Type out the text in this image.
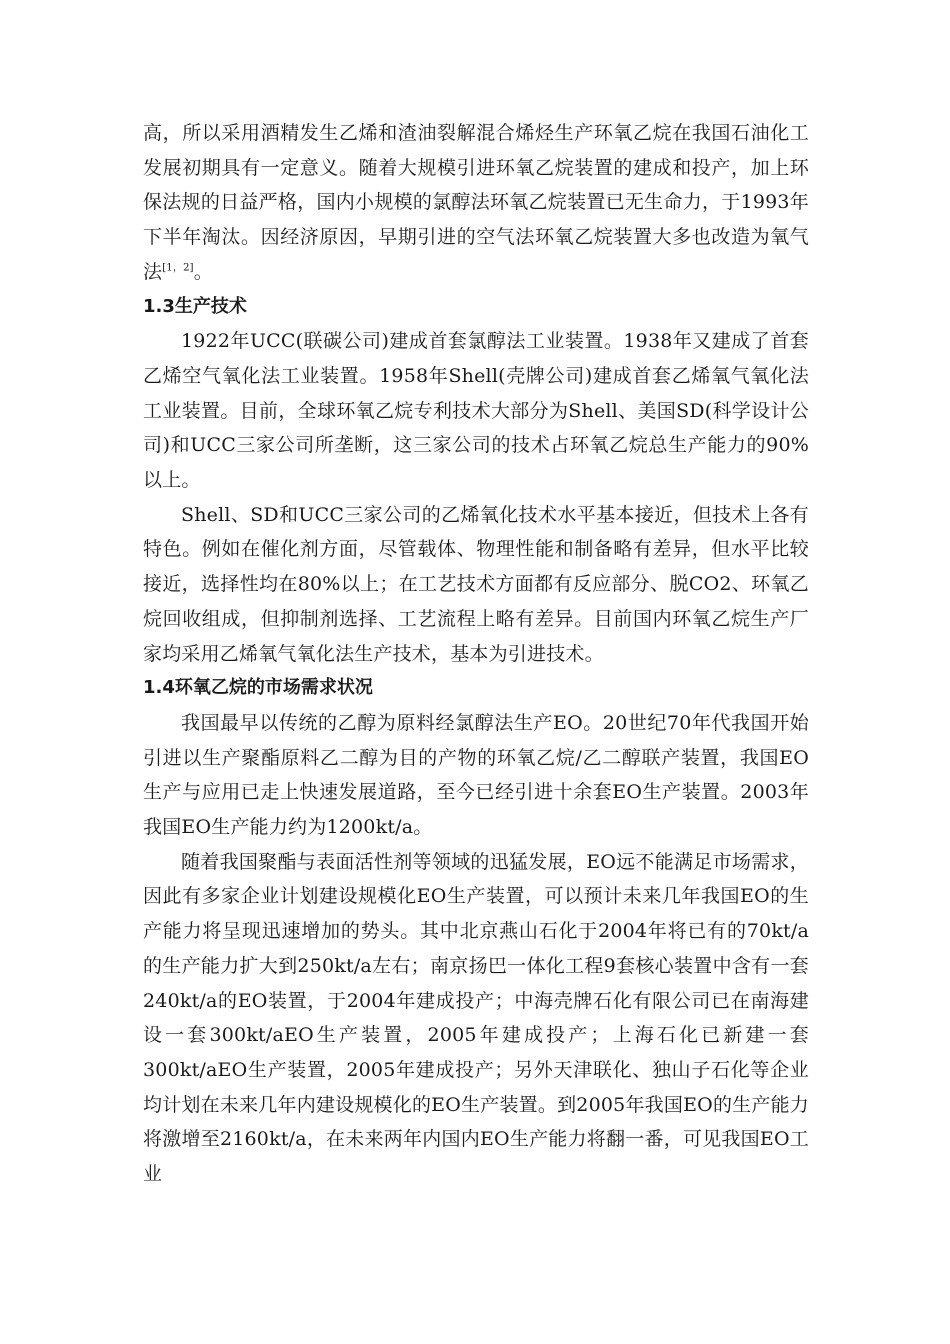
高，所以采用酒精发生乙烯和渣油裂解混合烯烃生产环氧乙烷在我国石油化工发展初期具有一定意义。随着大规模引进环氧乙烷装置的建成和投产，加上环保法规的日益严格，国内小规模的氯醇法环氧乙烷装置已无生命力，于1993年下半年淘汰。因经济原因，早期引进的空气法环氧乙烷装置大多也改造为氧气法[1，2]。

1.3生产技术

1922年UCC(联碳公司)建成首套氯醇法工业装置。1938年又建成了首套乙烯空气氧化法工业装置。1958年Shell(壳牌公司)建成首套乙烯氧气氧化法工业装置。目前，全球环氧乙烷专利技术大部分为Shell、美国SD(科学设计公司)和UCC三家公司所垄断，这三家公司的技术占环氧乙烷总生产能力的90%以上。

Shell、SD和UCC三家公司的乙烯氧化技术水平基本接近，但技术上各有特色。例如在催化剂方面，尽管载体、物理性能和制备略有差异，但水平比较接近，选择性均在80%以上；在工艺技术方面都有反应部分、脱CO2、环氧乙烷回收组成，但抑制剂选择、工艺流程上略有差异。目前国内环氧乙烷生产厂家均采用乙烯氧气氧化法生产技术，基本为引进技术。

1.4环氧乙烷的市场需求状况

我国最早以传统的乙醇为原料经氯醇法生产EO。20世纪70年代我国开始引进以生产聚酯原料乙二醇为目的产物的环氧乙烷/乙二醇联产装置，我国EO生产与应用已走上快速发展道路，至今已经引进十余套EO生产装置。2003年我国EO生产能力约为1200kt/a。

随着我国聚酯与表面活性剂等领域的迅猛发展，EO远不能满足市场需求，因此有多家企业计划建设规模化EO生产装置，可以预计未来几年我国EO的生产能力将呈现迅速增加的势头。其中北京燕山石化于2004年将已有的70kt/a的生产能力扩大到250kt/a左右；南京扬巴一体化工程9套核心装置中含有一套240kt/a的EO装置，于2004年建成投产；中海壳牌石化有限公司已在南海建设一套300kt/aEO生产装置，2005年建成投产；上海石化已新建一套300kt/aEO生产装置，2005年建成投产；另外天津联化、独山子石化等企业均计划在未来几年内建设规模化的EO生产装置。到2005年我国EO的生产能力将激增至2160kt/a，在未来两年内国内EO生产能力将翻一番，可见我国EO工业
